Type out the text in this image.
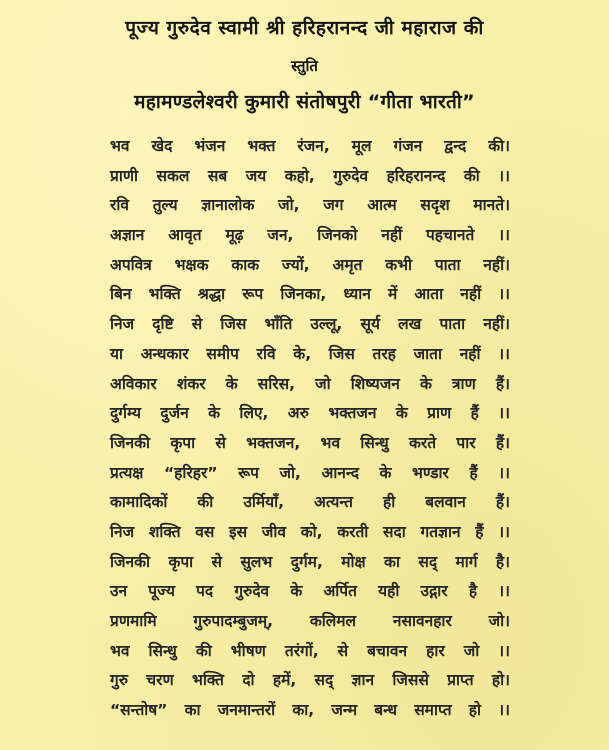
पूज्य गुरुदेव स्वामी श्री हरिहरानन्द जी महाराज की
स्तुति
महामण्डलेश्वरी कुमारी संतोषपुरी “गीता भारती”
भव खेद भंजन भक्त रंजन, मूल गंजन द्वन्द की।
प्राणी सकल सब जय कहो, गुरुदेव हरिहरानन्द की ।।
रवि तुल्य ज्ञानालोक जो, जग आत्म सदृश मानते।
अज्ञान आवृत मूढ़ जन, जिनको नहीं पहचानते ।।
अपवित्र भक्षक काक ज्यों, अमृत कभी पाता नहीं।
बिन भक्ति श्रद्धा रूप जिनका, ध्यान में आता नहीं ।।
निज दृष्टि से जिस भाँति उल्लू, सूर्य लख पाता नहीं।
या अन्धकार समीप रवि के, जिस तरह जाता नहीं ।।
अविकार शंकर के सरिस, जो शिष्यजन के त्राण हैं।
दुर्गम्य दुर्जन के लिए, अरु भक्तजन के प्राण हैं ।।
जिनकी कृपा से भक्तजन, भव सिन्धु करते पार हैं।
प्रत्यक्ष “हरिहर” रूप जो, आनन्द के भण्डार हैं ।।
कामादिकों की उर्मियाँ, अत्यन्त ही बलवान हैं।
निज शक्ति वस इस जीव को, करती सदा गतज्ञान हैं ।।
जिनकी कृपा से सुलभ दुर्गम, मोक्ष का सद् मार्ग है।
उन पूज्य पद गुरुदेव के अर्पित यही उद्गार है ।।
प्रणमामि गुरुपादम्बुजम्, कलिमल नसावनहार जो।
भव सिन्धु की भीषण तरंगों, से बचावन हार जो ।।
गुरु चरण भक्ति दो हमें, सद् ज्ञान जिससे प्राप्त हो।
“सन्तोष” का जनमान्तरों का, जन्म बन्ध समाप्त हो ।।
